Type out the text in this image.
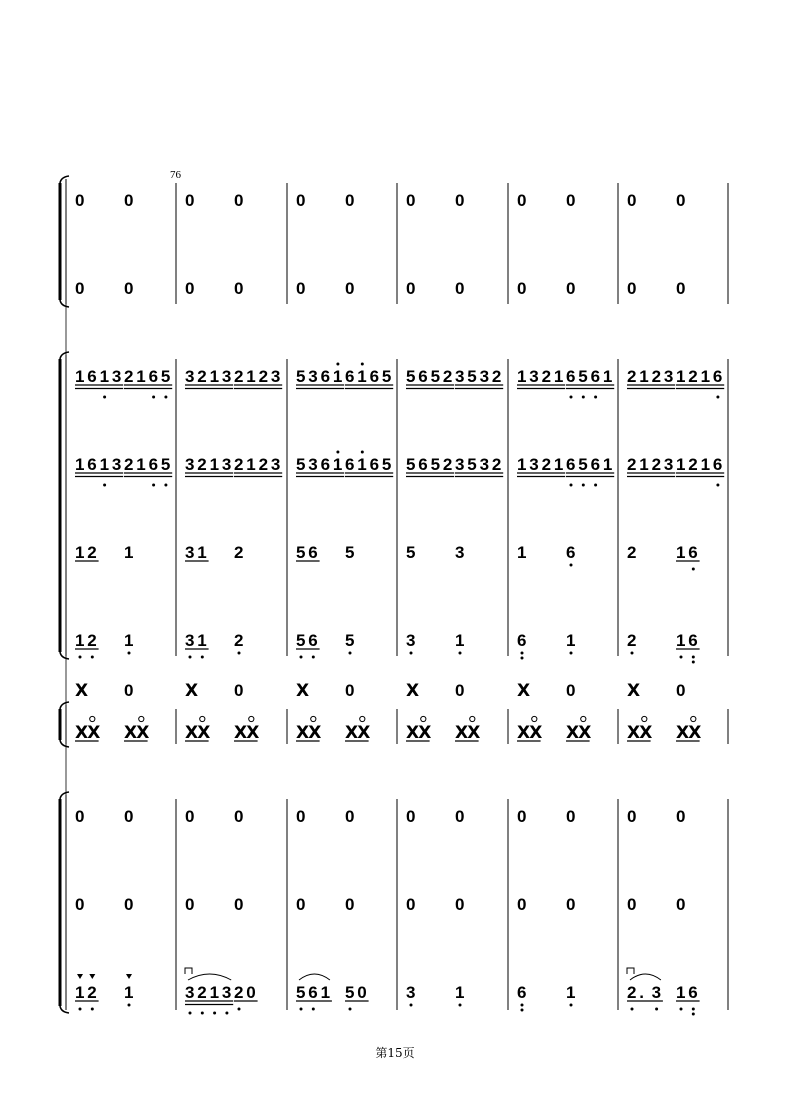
0 0	0 0	0 0	0 0	0 0	0 0
0 0	0 0	0 0	0 0	0 0	0 0
1 6 1 3 2 1 6 5 3 2 1 3 2 1 2 3 5 3 6 1 6 1 6 5 5 6 5 2 3 5 3 2 1 3 2 1 6 5 6 1 2 1 2 3 1 2 1 6
1 6 1 3 2 1 6 5 3 2 1 3 2 1 2 3 5 3 6 1 6 1 6 5 5 6 5 2 3 5 3 2 1 3 2 1 6 5 6 1 2 1 2 3 1 2 1 6
1 2 1	3 1 2	5 6 5	5 3	1 6	2 1 6
1 2 1	3 1 2	5 6 5	3 1	6 1	2 1 6
X 0	X 0	X 0	X 0	X 0	X 0
X X X X X X X X X X X X X X X X X X X X X X X X
0 0	0 0	0 0	0 0	0 0	0 0
0 0	0 0	0 0	0 0	0 0	0 0
1 2 1	3 2 1 3 2 0 5 6 1 5 0 3 1	6 1	2 . 3 1 6
76
第15页
